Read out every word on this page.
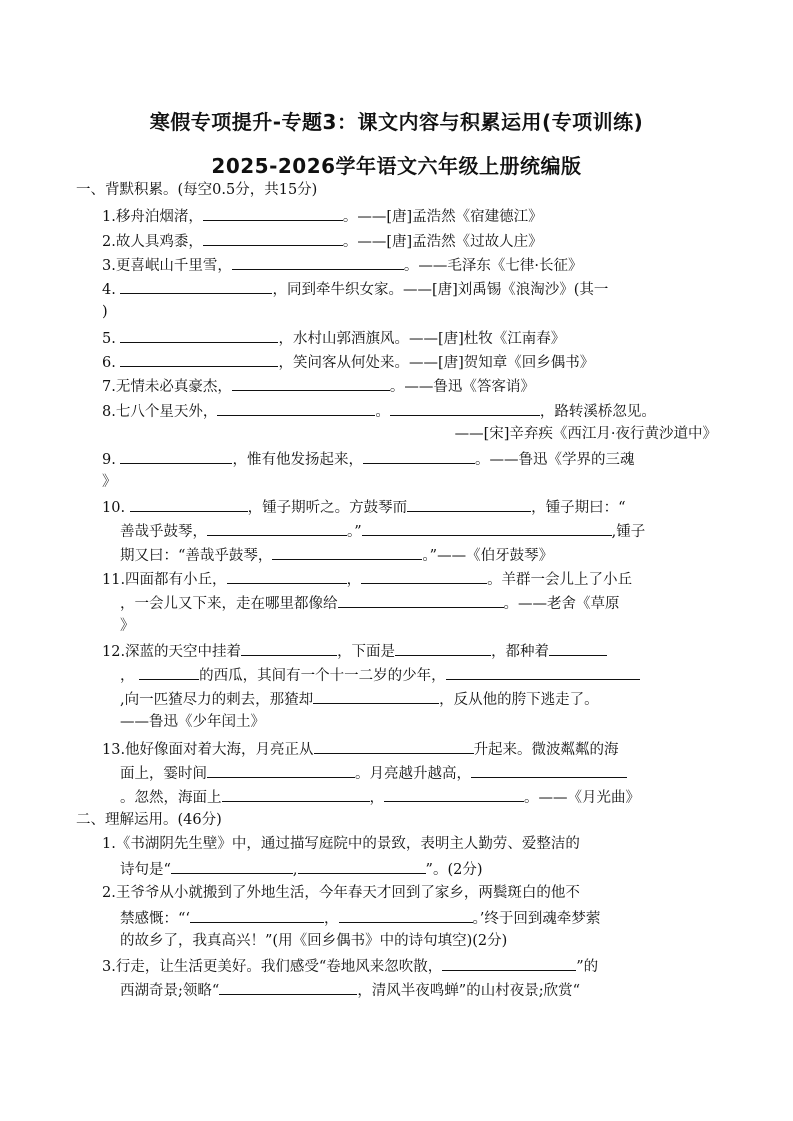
寒假专项提升-专题3：课文内容与积累运用(专项训练)
2025-2026学年语文六年级上册统编版
一、背默积累。(每空0.5分，共15分)
1.移舟泊烟渚，	。——[唐]孟浩然《宿建德江》
2.故人具鸡黍，	。——[唐]孟浩然《过故人庄》
3.更喜岷山千里雪，	。——毛泽东《七律·长征》
4.	，同到牵牛织女家。——[唐]刘禹锡《浪淘沙》(其一
)
5.	，水村山郭酒旗风。——[唐]杜牧《江南春》
6.	，笑问客从何处来。——[唐]贺知章《回乡偶书》
7.无情未必真豪杰，	。——鲁迅《答客诮》
8.七八个星天外，	。	，路转溪桥忽见。
——[宋]辛弃疾《西江月·夜行黄沙道中》
9.	，惟有他发扬起来，	。——鲁迅《学界的三魂
》
10.	，锺子期听之。方鼓琴而	，锺子期曰：“
善哉乎鼓琴，	。”	,锺子
期又曰：“善哉乎鼓琴，	。”——《伯牙鼓琴》
11.四面都有小丘，	，	。羊群一会儿上了小丘
，一会儿又下来，走在哪里都像给	。——老舍《草原
》
12.深蓝的天空中挂着	，下面是	，都种着
，	的西瓜，其间有一个十一二岁的少年，
,向一匹猹尽力的刺去，那猹却	，反从他的胯下逃走了。
——鲁迅《少年闰土》
13.他好像面对着大海，月亮正从	升起来。微波粼粼的海
面上，霎时间	。月亮越升越高，
。忽然，海面上	，	。——《月光曲》
二、理解运用。(46分)
1.《书湖阴先生壁》中，通过描写庭院中的景致，表明主人勤劳、爱整洁的
诗句是“	,	”。(2分)
2.王爷爷从小就搬到了外地生活，今年春天才回到了家乡，两鬓斑白的他不
禁感慨：“‘	，	。’终于回到魂牵梦萦
的故乡了，我真高兴！”(用《回乡偶书》中的诗句填空)(2分)
3.行走，让生活更美好。我们感受“卷地风来忽吹散，	”的
西湖奇景;领略“	，清风半夜鸣蝉”的山村夜景;欣赏“
